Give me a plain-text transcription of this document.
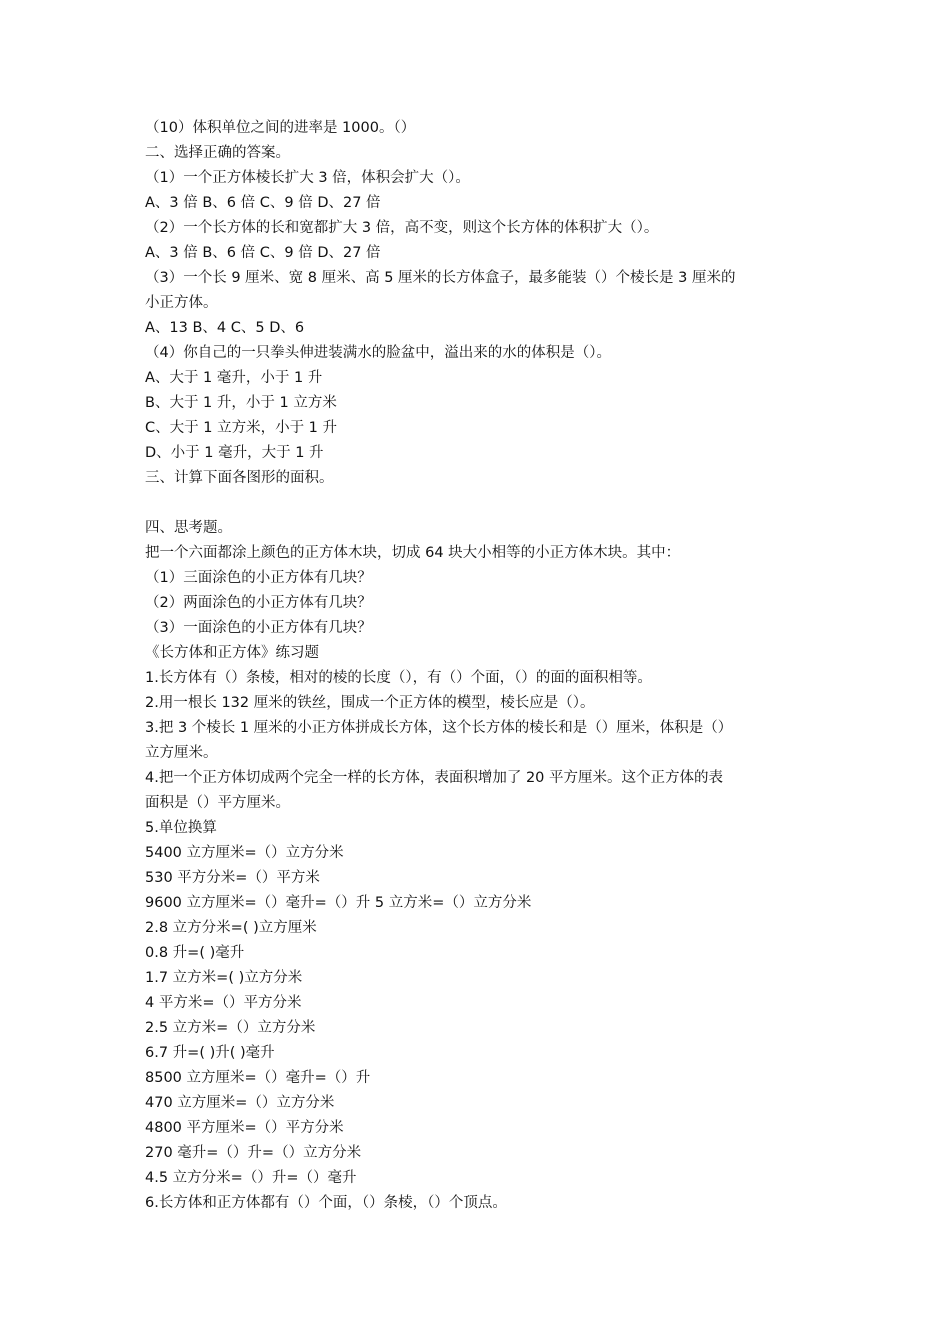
（10）体积单位之间的进率是 1000。（）
二、选择正确的答案。
（1）一个正方体棱长扩大 3 倍，体积会扩大（）。
A、3 倍 B、6 倍 C、9 倍 D、27 倍
（2）一个长方体的长和宽都扩大 3 倍，高不变，则这个长方体的体积扩大（）。
A、3 倍 B、6 倍 C、9 倍 D、27 倍
（3）一个长 9 厘米、宽 8 厘米、高 5 厘米的长方体盒子，最多能装（）个棱长是 3 厘米的
小正方体。
A、13 B、4 C、5 D、6
（4）你自己的一只拳头伸进装满水的脸盆中，溢出来的水的体积是（）。
A、大于 1 毫升，小于 1 升
B、大于 1 升，小于 1 立方米
C、大于 1 立方米，小于 1 升
D、小于 1 毫升，大于 1 升
三、计算下面各图形的面积。
四、思考题。
把一个六面都涂上颜色的正方体木块，切成 64 块大小相等的小正方体木块。其中：
（1）三面涂色的小正方体有几块？
（2）两面涂色的小正方体有几块？
（3）一面涂色的小正方体有几块？
《长方体和正方体》练习题
1.长方体有（）条棱，相对的棱的长度（），有（）个面，（）的面的面积相等。
2.用一根长 132 厘米的铁丝，围成一个正方体的模型，棱长应是（）。
3.把 3 个棱长 1 厘米的小正方体拼成长方体，这个长方体的棱长和是（）厘米，体积是（）
立方厘米。
4.把一个正方体切成两个完全一样的长方体，表面积增加了 20 平方厘米。这个正方体的表
面积是（）平方厘米。
5.单位换算
5400 立方厘米=（）立方分米
530 平方分米=（）平方米
9600 立方厘米=（）毫升=（）升 5 立方米=（）立方分米
2.8 立方分米=( )立方厘米
0.8 升=( )毫升
1.7 立方米=( )立方分米
4 平方米=（）平方分米
2.5 立方米=（）立方分米
6.7 升=( )升( )毫升
8500 立方厘米=（）毫升=（）升
470 立方厘米=（）立方分米
4800 平方厘米=（）平方分米
270 毫升=（）升=（）立方分米
4.5 立方分米=（）升=（）毫升
6.长方体和正方体都有（）个面，（）条棱，（）个顶点。
